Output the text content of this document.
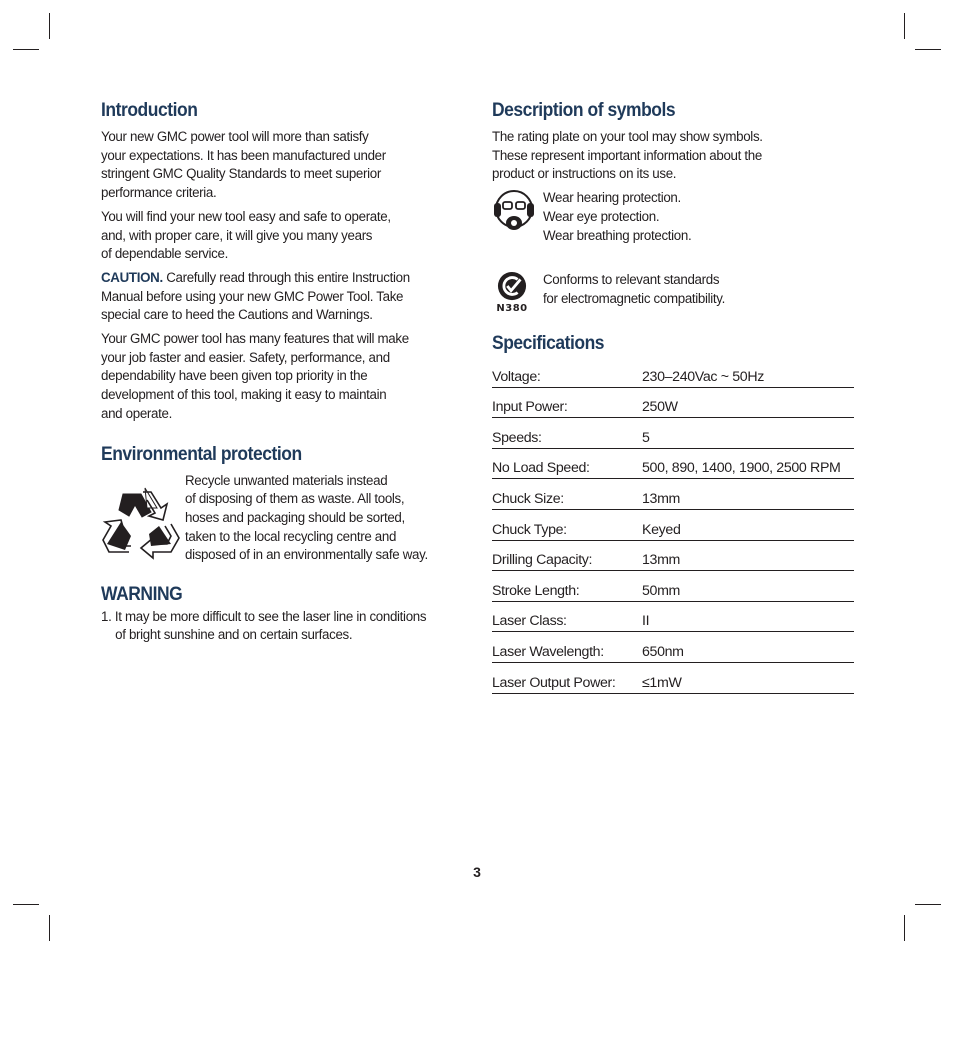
Introduction

Your new GMC power tool will more than satisfy
your expectations. It has been manufactured under
stringent GMC Quality Standards to meet superior
performance criteria.

You will find your new tool easy and safe to operate,
and, with proper care, it will give you many years
of dependable service.

CAUTION. Carefully read through this entire Instruction
Manual before using your new GMC Power Tool. Take
special care to heed the Cautions and Warnings.

Your GMC power tool has many features that will make
your job faster and easier. Safety, performance, and
dependability have been given top priority in the
development of this tool, making it easy to maintain
and operate.

Environmental protection

Recycle unwanted materials instead
of disposing of them as waste. All tools,
hoses and packaging should be sorted,
taken to the local recycling centre and
disposed of in an environmentally safe way.

WARNING
1. It may be more difficult to see the laser line in conditions
of bright sunshine and on certain surfaces.
Description of symbols

The rating plate on your tool may show symbols.
These represent important information about the
product or instructions on its use.

Wear hearing protection.
Wear eye protection.
Wear breathing protection.
N380
Conforms to relevant standards
for electromagnetic compatibility.
Specifications
Voltage:	230–240Vac ~ 50Hz
Input Power:	250W
Speeds:	5
No Load Speed:	500, 890, 1400, 1900, 2500 RPM
Chuck Size:	13mm
Chuck Type:	Keyed
Drilling Capacity:	13mm
Stroke Length:	50mm
Laser Class:	II
Laser Wavelength:	650nm
Laser Output Power:	≤1mW
3
